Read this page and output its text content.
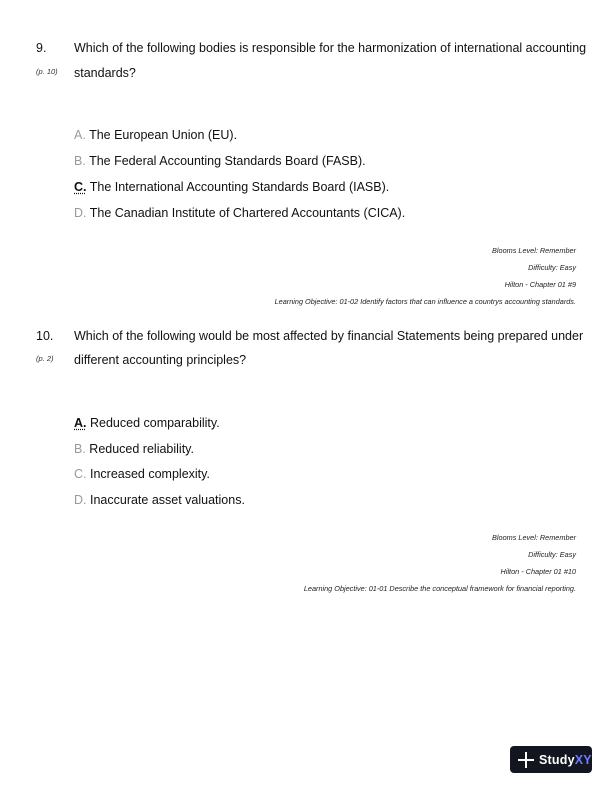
9.
(p. 10)
Which of the following bodies is responsible for the harmonization of international accounting
standards?
A. The European Union (EU).
B. The Federal Accounting Standards Board (FASB).
C. The International Accounting Standards Board (IASB).
D. The Canadian Institute of Chartered Accountants (CICA).
Blooms Level: Remember
Difficulty: Easy
Hilton - Chapter 01 #9
Learning Objective: 01-02 Identify factors that can influence a countrys accounting standards.
10.
(p. 2)
Which of the following would be most affected by financial Statements being prepared under
different accounting principles?
A. Reduced comparability.
B. Reduced reliability.
C. Increased complexity.
D. Inaccurate asset valuations.
Blooms Level: Remember
Difficulty: Easy
Hilton - Chapter 01 #10
Learning Objective: 01-01 Describe the conceptual framework for financial reporting.
StudyXY
